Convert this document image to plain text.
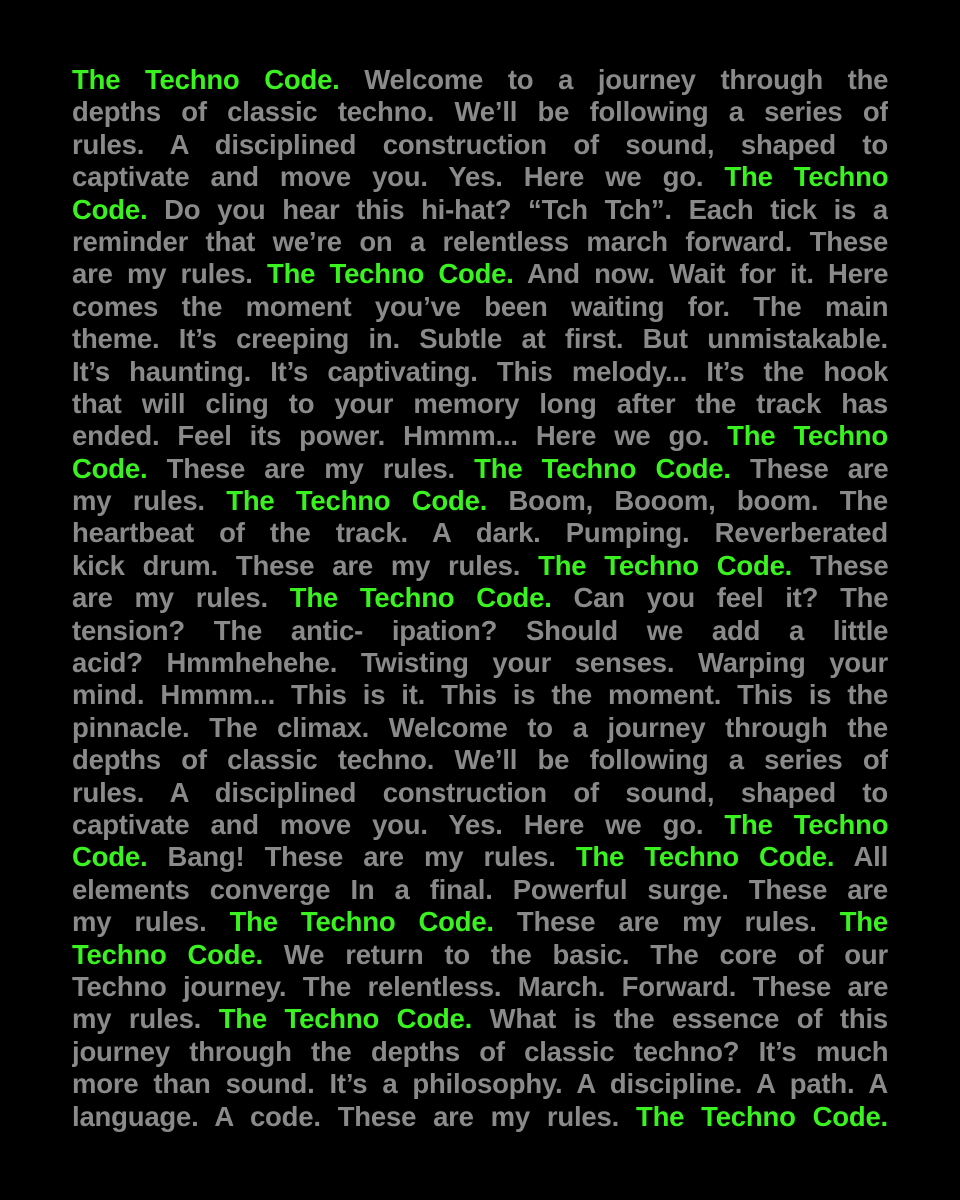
The Techno Code. Welcome to a journey through the
depths of classic techno. We’ll be following a series of
rules. A disciplined construction of sound, shaped to
captivate and move you. Yes. Here we go. The Techno
Code. Do you hear this hi-hat? “Tch Tch”. Each tick is a
reminder that we’re on a relentless march forward. These
are my rules. The Techno Code. And now. Wait for it. Here
comes the moment you’ve been waiting for. The main
theme. It’s creeping in. Subtle at first. But unmistakable.
It’s haunting. It’s captivating. This melody... It’s the hook
that will cling to your memory long after the track has
ended. Feel its power. Hmmm... Here we go. The Techno
Code. These are my rules. The Techno Code. These are
my rules. The Techno Code. Boom, Booom, boom. The
heartbeat of the track. A dark. Pumping. Reverberated
kick drum. These are my rules. The Techno Code. These
are my rules. The Techno Code. Can you feel it? The
tension? The antic- ipation? Should we add a little
acid? Hmmhehehe. Twisting your senses. Warping your
mind. Hmmm... This is it. This is the moment. This is the
pinnacle. The climax. Welcome to a journey through the
depths of classic techno. We’ll be following a series of
rules. A disciplined construction of sound, shaped to
captivate and move you. Yes. Here we go. The Techno
Code. Bang! These are my rules. The Techno Code. All
elements converge In a final. Powerful surge. These are
my rules. The Techno Code. These are my rules. The
Techno Code. We return to the basic. The core of our
Techno journey. The relentless. March. Forward. These are
my rules. The Techno Code. What is the essence of this
journey through the depths of classic techno? It’s much
more than sound. It’s a philosophy. A discipline. A path. A
language. A code. These are my rules. The Techno Code.
